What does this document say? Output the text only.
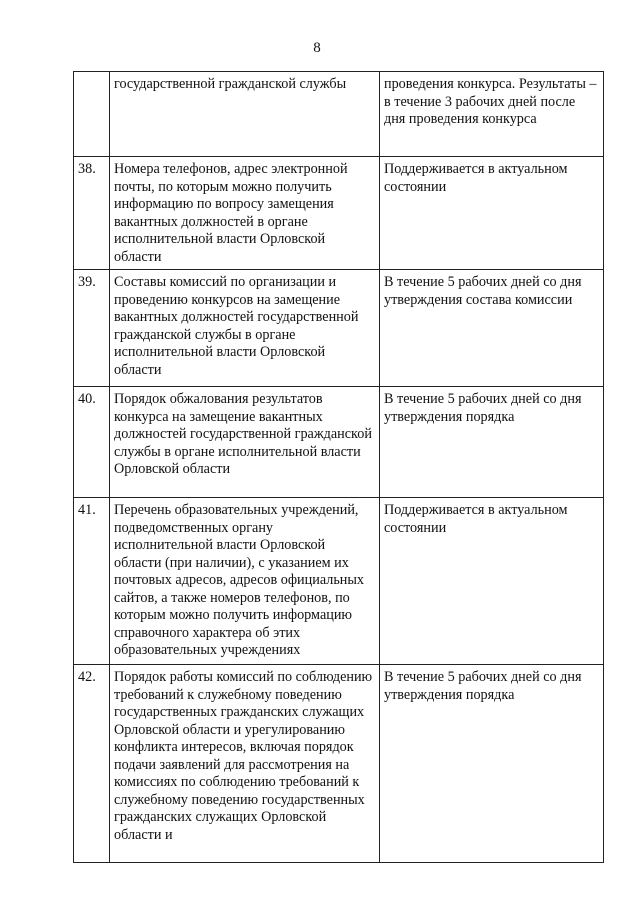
8
	государственной гражданской службы	проведения конкурса. Результаты – в течение 3 рабочих дней после дня проведения конкурса
38.	Номера телефонов, адрес электронной почты, по которым можно получить информацию по вопросу замещения вакантных должностей в органе исполнительной власти Орловской области	Поддерживается в актуальном состоянии
39.	Составы комиссий по организации и проведению конкурсов на замещение вакантных должностей государственной гражданской службы в органе исполнительной власти Орловской области	В течение 5 рабочих дней со дня утверждения состава комиссии
40.	Порядок обжалования результатов конкурса на замещение вакантных должностей государственной гражданской службы в органе исполнительной власти Орловской области	В течение 5 рабочих дней со дня утверждения порядка
41.	Перечень образовательных учреждений, подведомственных органу исполнительной власти Орловской области (при наличии), с указанием их почтовых адресов, адресов официальных сайтов, а также номеров телефонов, по которым можно получить информацию справочного характера об этих образовательных учреждениях	Поддерживается в актуальном состоянии
42.	Порядок работы комиссий по соблюдению требований к служебному поведению государственных гражданских служащих Орловской области и урегулированию конфликта интересов, включая порядок подачи заявлений для рассмотрения на комиссиях по соблюдению требований к служебному поведению государственных гражданских служащих Орловской области и	В течение 5 рабочих дней со дня утверждения порядка
